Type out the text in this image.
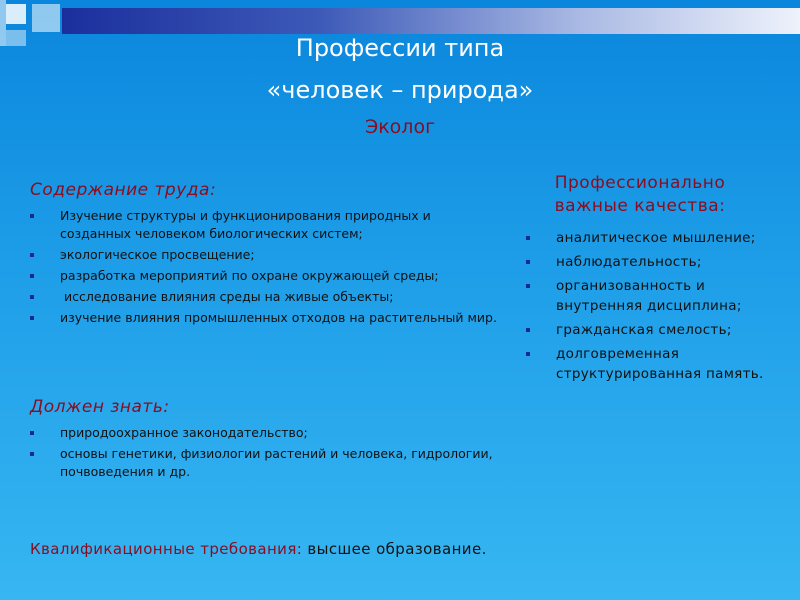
Профессии типа
«человек – природа»
Эколог
Содержание труда:
Изучение структуры и функционирования природных и созданных человеком биологических систем;
экологическое просвещение;
разработка мероприятий по охране окружающей среды;
исследование влияния среды на живые объекты;
изучение влияния промышленных отходов на растительный мир.
Должен знать:
природоохранное законодательство;
основы генетики, физиологии растений и человека, гидрологии, почвоведения и др.
Профессионально
важные качества:
аналитическое мышление;
наблюдательность;
организованность и внутренняя дисциплина;
гражданская смелость;
долговременная структурированная память.
Квалификационные требования: высшее образование.
